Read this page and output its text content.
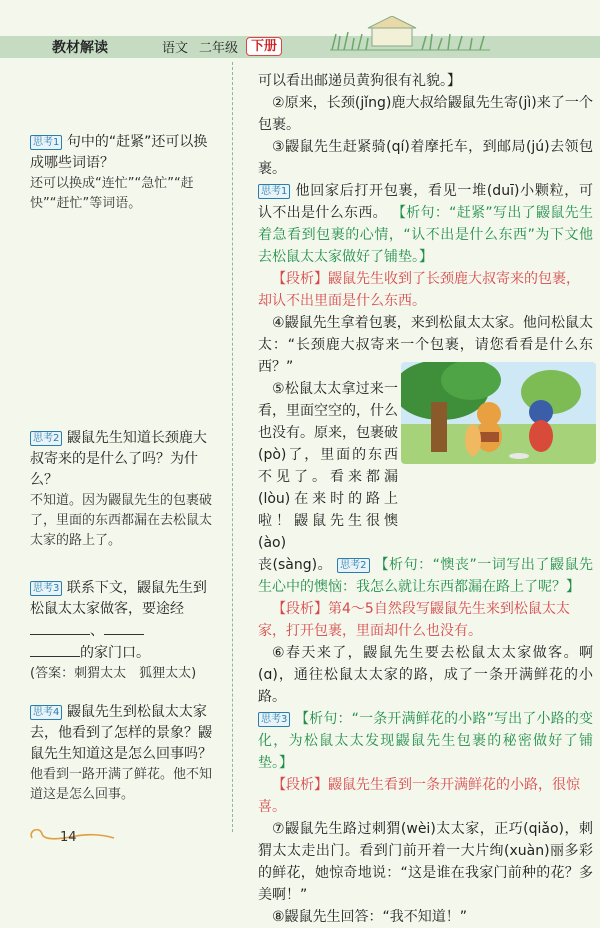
教材解读	语文 二年级 下册
思考1 句中的“赶紧”还可以换成哪些词语？
还可以换成“连忙”“急忙”“赶快”“赶忙”等词语。
思考2 鼹鼠先生知道长颈鹿大叔寄来的是什么了吗？为什么？
不知道。因为鼹鼠先生的包裹破了，里面的东西都漏在去松鼠太太家的路上了。
思考3 联系下文，鼹鼠先生到松鼠太太家做客，要途经 、
的家门口。
(答案：刺猬太太　狐狸太太)
思考4 鼹鼠先生到松鼠太太家去，他看到了怎样的景象？鼹鼠先生知道这是怎么回事吗？
他看到一路开满了鲜花。他不知道这是怎么回事。

可以看出邮递员黄狗很有礼貌。】

②原来，长颈(jǐng)鹿大叔给鼹鼠先生寄(jì)来了一个包裹。

③鼹鼠先生赶紧骑(qí)着摩托车，到邮局(jú)去领包裹。

思考1 他回家后打开包裹，看见一堆(duī)小颗粒，可认不出是什么东西。 【析句：“赶紧”写出了鼹鼠先生着急看到包裹的心情，“认不出是什么东西”为下文他去松鼠太太家做好了铺垫。】

【段析】鼹鼠先生收到了长颈鹿大叔寄来的包裹，却认不出里面是什么东西。

④鼹鼠先生拿着包裹，来到松鼠太太家。他问松鼠太太：“长颈鹿大叔寄来一个包裹，请您看看是什么东西？”

⑤松鼠太太拿过来一看，里面空空的，什么也没有。原来，包裹破(pò)了，里面的东西不见了。看来都漏(lòu)在来时的路上啦！鼹鼠先生很懊(ào)

丧(sàng)。 思考2 【析句：“懊丧”一词写出了鼹鼠先生心中的懊恼：我怎么就让东西都漏在路上了呢？】

【段析】第4～5自然段写鼹鼠先生来到松鼠太太家，打开包裹，里面却什么也没有。

⑥春天来了，鼹鼠先生要去松鼠太太家做客。啊(ɑ)，通往松鼠太太家的路，成了一条开满鲜花的小路。

思考3 【析句：“一条开满鲜花的小路”写出了小路的变化，为松鼠太太发现鼹鼠先生包裹的秘密做好了铺垫。】

【段析】鼹鼠先生看到一条开满鲜花的小路，很惊喜。

⑦鼹鼠先生路过刺猬(wèi)太太家，正巧(qiǎo)，刺猬太太走出门。看到门前开着一大片绚(xuàn)丽多彩的鲜花，她惊奇地说：“这是谁在我家门前种的花？多美啊！”

⑧鼹鼠先生回答：“我不知道！”

14
